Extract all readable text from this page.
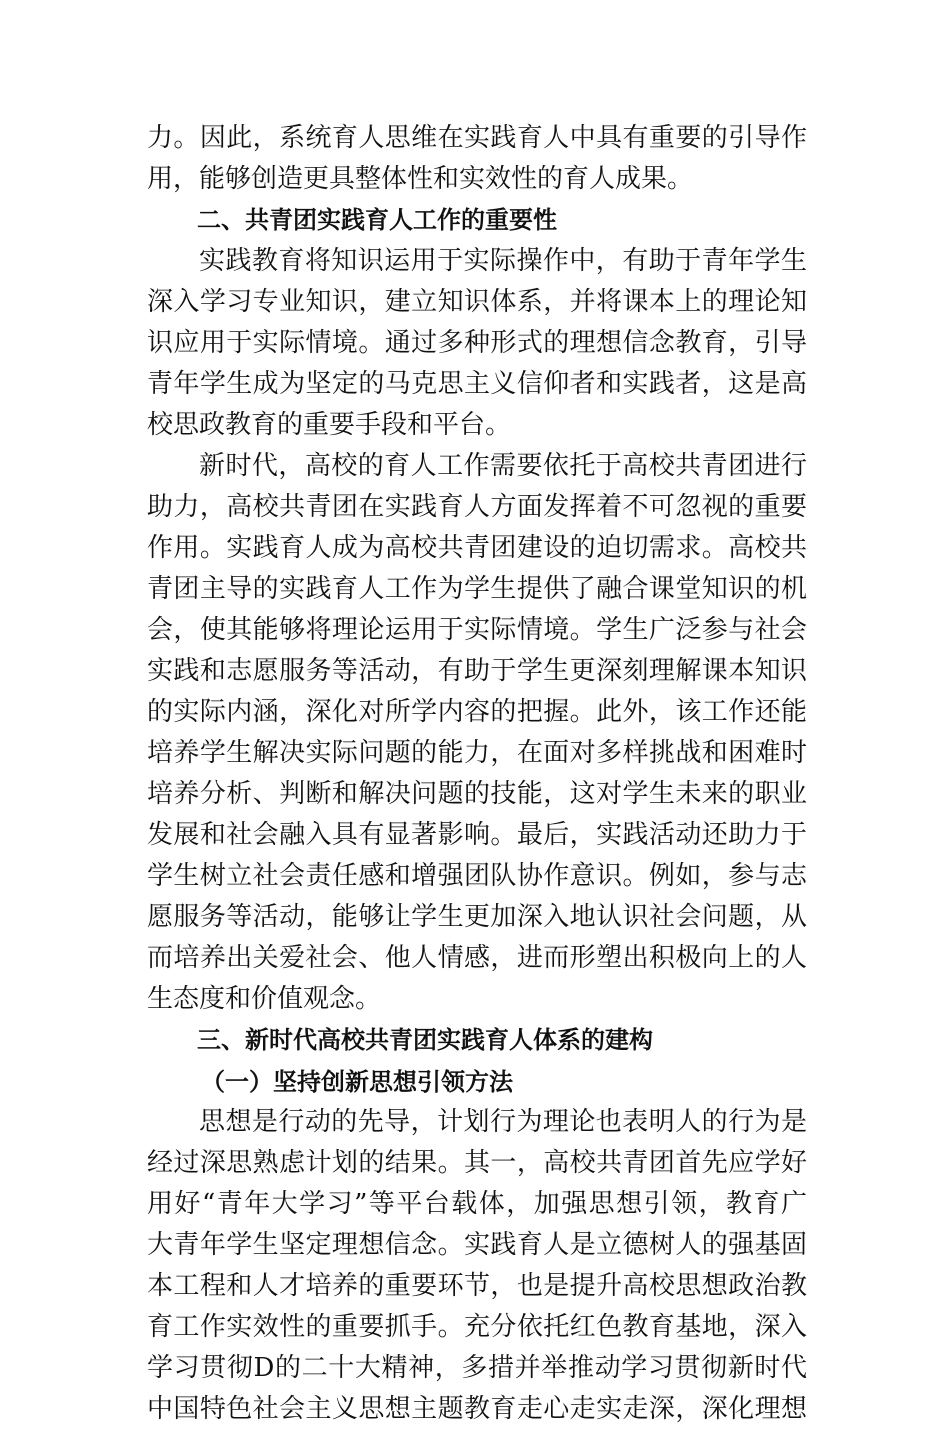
力。因此，系统育人思维在实践育人中具有重要的引导作
用，能够创造更具整体性和实效性的育人成果。
二、共青团实践育人工作的重要性
实践教育将知识运用于实际操作中，有助于青年学生
深入学习专业知识，建立知识体系，并将课本上的理论知
识应用于实际情境。通过多种形式的理想信念教育，引导
青年学生成为坚定的马克思主义信仰者和实践者，这是高
校思政教育的重要手段和平台。
新时代，高校的育人工作需要依托于高校共青团进行
助力，高校共青团在实践育人方面发挥着不可忽视的重要
作用。实践育人成为高校共青团建设的迫切需求。高校共
青团主导的实践育人工作为学生提供了融合课堂知识的机
会，使其能够将理论运用于实际情境。学生广泛参与社会
实践和志愿服务等活动，有助于学生更深刻理解课本知识
的实际内涵，深化对所学内容的把握。此外，该工作还能
培养学生解决实际问题的能力，在面对多样挑战和困难时
培养分析、判断和解决问题的技能，这对学生未来的职业
发展和社会融入具有显著影响。最后，实践活动还助力于
学生树立社会责任感和增强团队协作意识。例如，参与志
愿服务等活动，能够让学生更加深入地认识社会问题，从
而培养出关爱社会、他人情感，进而形塑出积极向上的人
生态度和价值观念。
三、新时代高校共青团实践育人体系的建构
（一）坚持创新思想引领方法
思想是行动的先导，计划行为理论也表明人的行为是
经过深思熟虑计划的结果。其一，高校共青团首先应学好
用好“青年大学习”等平台载体，加强思想引领，教育广
大青年学生坚定理想信念。实践育人是立德树人的强基固
本工程和人才培养的重要环节，也是提升高校思想政治教
育工作实效性的重要抓手。充分依托红色教育基地，深入
学习贯彻D的二十大精神，多措并举推动学习贯彻新时代
中国特色社会主义思想主题教育走心走实走深，深化理想
